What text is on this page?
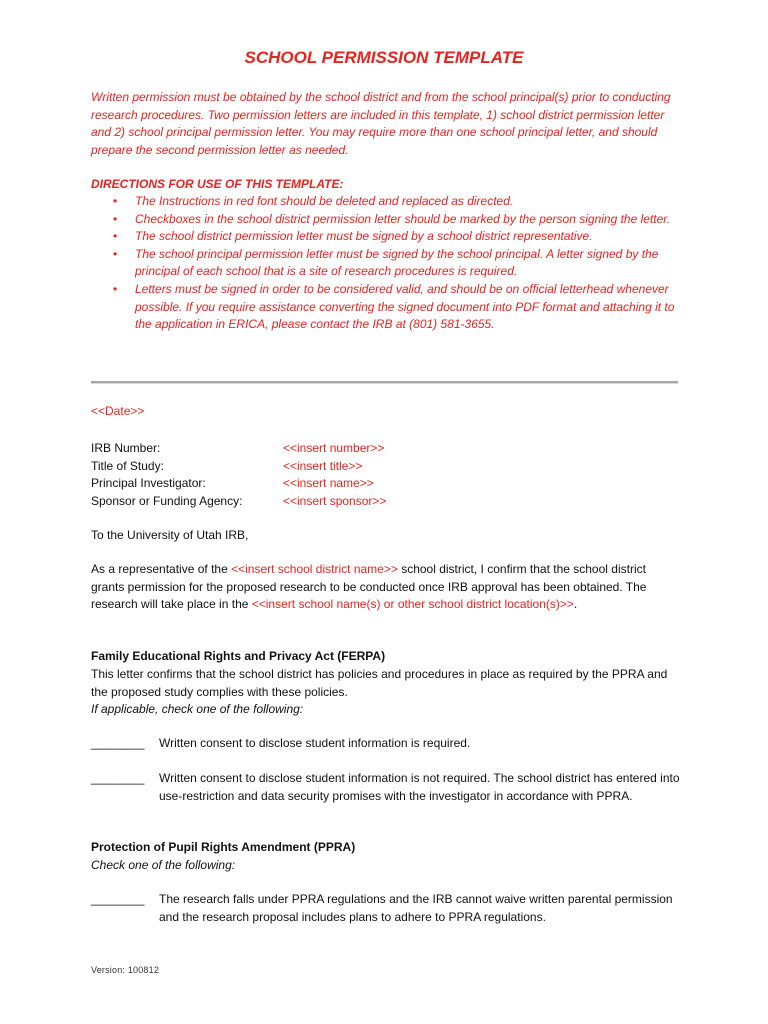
SCHOOL PERMISSION TEMPLATE
Written permission must be obtained by the school district and from the school principal(s) prior to conducting research procedures. Two permission letters are included in this template, 1) school district permission letter and 2) school principal permission letter. You may require more than one school principal letter, and should prepare the second permission letter as needed.
DIRECTIONS FOR USE OF THIS TEMPLATE:
• The Instructions in red font should be deleted and replaced as directed.
• Checkboxes in the school district permission letter should be marked by the person signing the letter.
• The school district permission letter must be signed by a school district representative.
• The school principal permission letter must be signed by the school principal. A letter signed by the principal of each school that is a site of research procedures is required.
• Letters must be signed in order to be considered valid, and should be on official letterhead whenever possible. If you require assistance converting the signed document into PDF format and attaching it to the application in ERICA, please contact the IRB at (801) 581-3655.
<<Date>>
IRB Number:	<<insert number>>
Title of Study:	<<insert title>>
Principal Investigator:	<<insert name>>
Sponsor or Funding Agency:	<<insert sponsor>>
To the University of Utah IRB,
As a representative of the <<insert school district name>> school district, I confirm that the school district grants permission for the proposed research to be conducted once IRB approval has been obtained. The research will take place in the <<insert school name(s) or other school district location(s)>>.
Family Educational Rights and Privacy Act (FERPA)
This letter confirms that the school district has policies and procedures in place as required by the PPRA and the proposed study complies with these policies.
If applicable, check one of the following:
________	Written consent to disclose student information is required.
________	Written consent to disclose student information is not required. The school district has entered into use-restriction and data security promises with the investigator in accordance with PPRA.
Protection of Pupil Rights Amendment (PPRA)
Check one of the following:
________	The research falls under PPRA regulations and the IRB cannot waive written parental permission and the research proposal includes plans to adhere to PPRA regulations.
Version: 100812
